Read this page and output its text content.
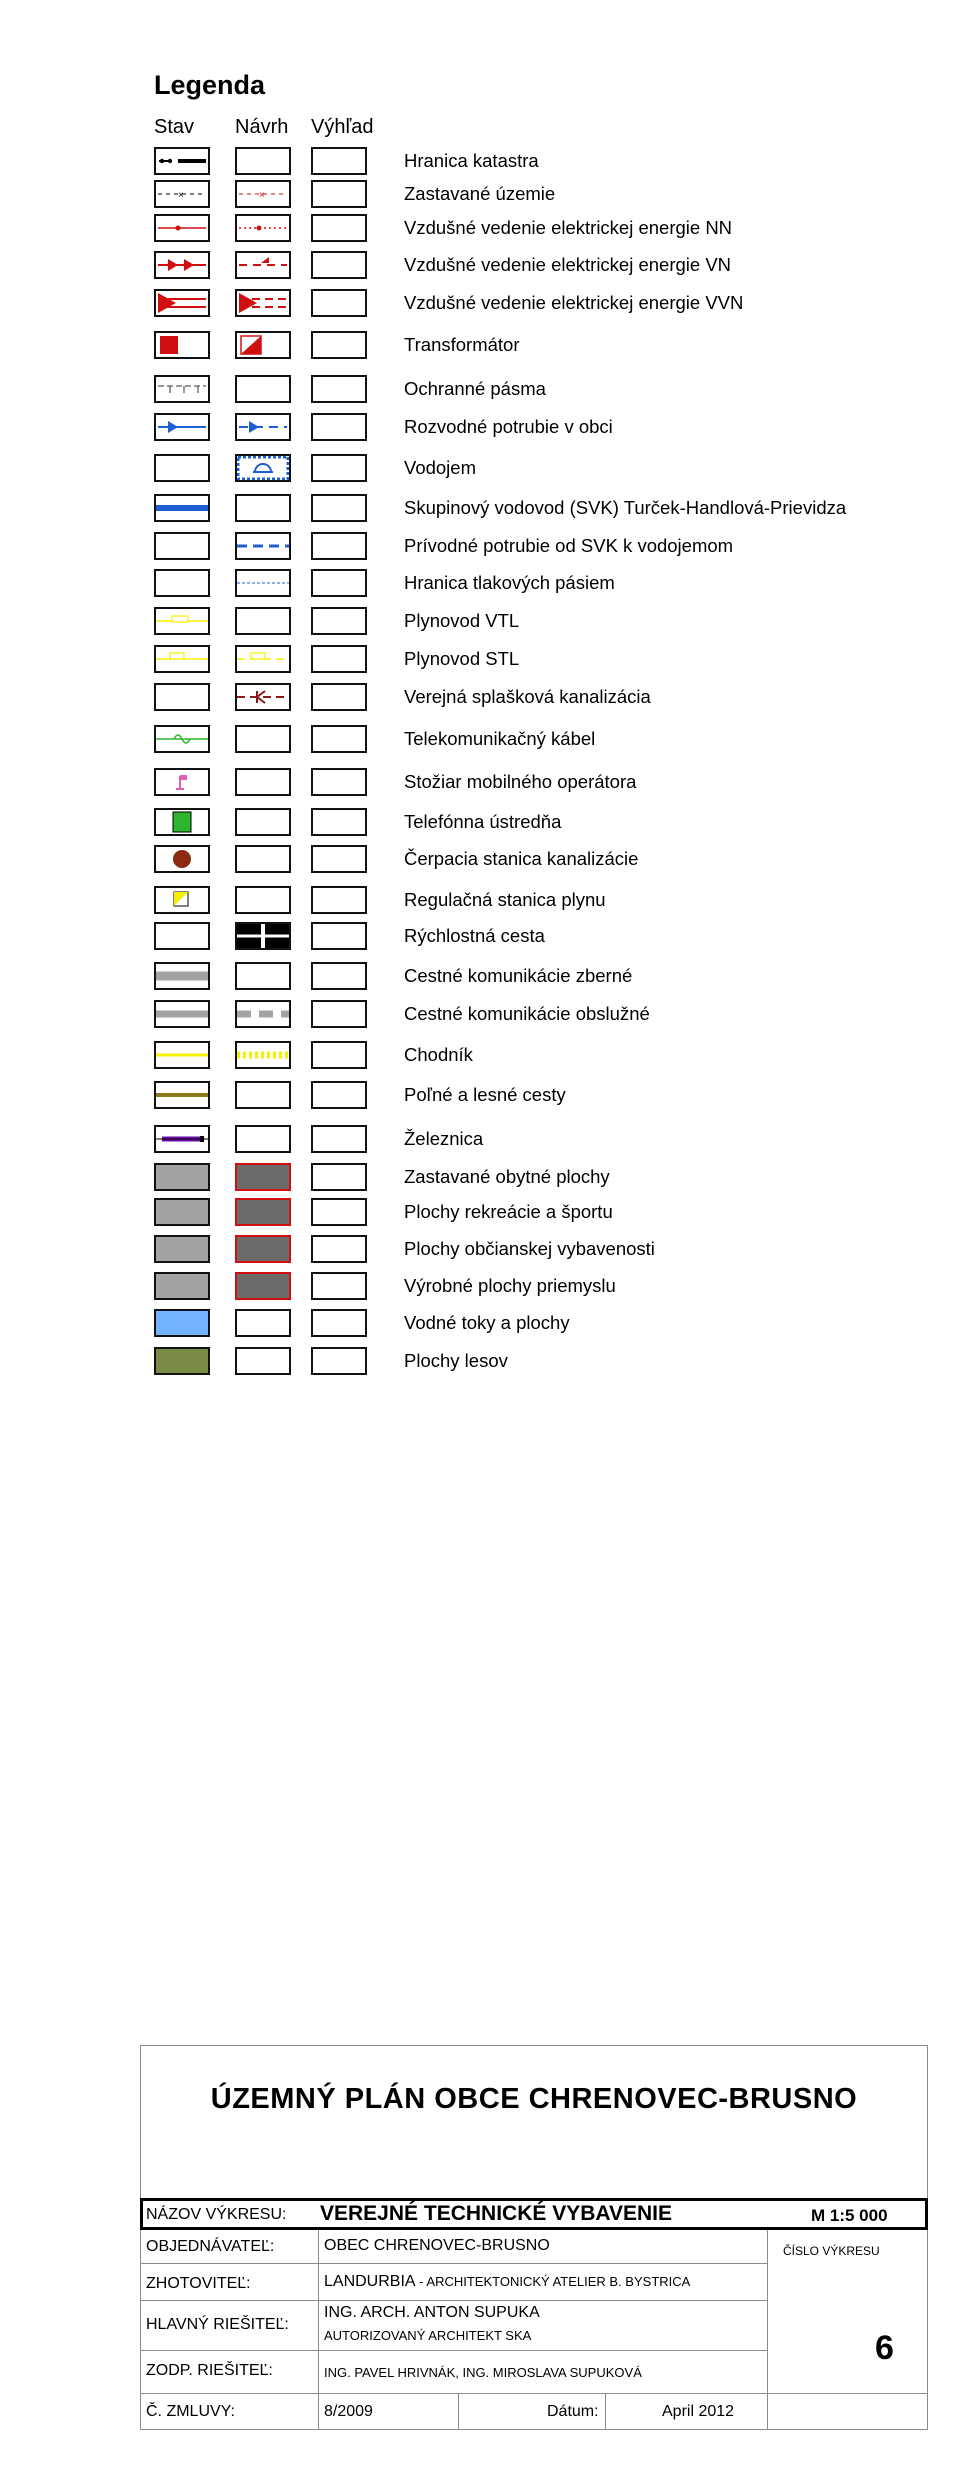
Legenda
Stav Návrh Výhľad
Hranica katastra
×	×	Zastavané územie
Vzdušné vedenie elektrickej energie NN
Vzdušné vedenie elektrickej energie VN
Vzdušné vedenie elektrickej energie VVN
Transformátor
Ochranné pásma
Rozvodné potrubie v obci
Vodojem
Skupinový vodovod (SVK) Turček-Handlová-Prievidza
Prívodné potrubie od SVK k vodojemom
Hranica tlakových pásiem
Plynovod VTL
Plynovod STL
Verejná splašková kanalizácia
Telekomunikačný kábel
Stožiar mobilného operátora
Telefónna ústredňa
Čerpacia stanica kanalizácie
Regulačná stanica plynu
Rýchlostná cesta
Cestné komunikácie zberné
Cestné komunikácie obslužné
Chodník
Poľné a lesné cesty
Železnica
Zastavané obytné plochy
Plochy rekreácie a športu
Plochy občianskej vybavenosti
Výrobné plochy priemyslu
Vodné toky a plochy
Plochy lesov
ÚZEMNÝ PLÁN OBCE CHRENOVEC-BRUSNO
NÁZOV VÝKRESU: VEREJNÉ TECHNICKÉ VYBAVENIE	M 1:5 000
OBJEDNÁVATEĽ:	OBEC CHRENOVEC-BRUSNO
ZHOTOVITEĽ:	LANDURBIA - ARCHITEKTONICKÝ ATELIER B. BYSTRICA
HLAVNÝ RIEŠITEĽ:
ING. ARCH. ANTON SUPUKA
AUTORIZOVANÝ ARCHITEKT SKA
ZODP. RIEŠITEĽ:	ING. PAVEL HRIVNÁK, ING. MIROSLAVA SUPUKOVÁ
Č. ZMLUVY:	8/2009	Dátum:	April 2012
ČÍSLO VÝKRESU
6
